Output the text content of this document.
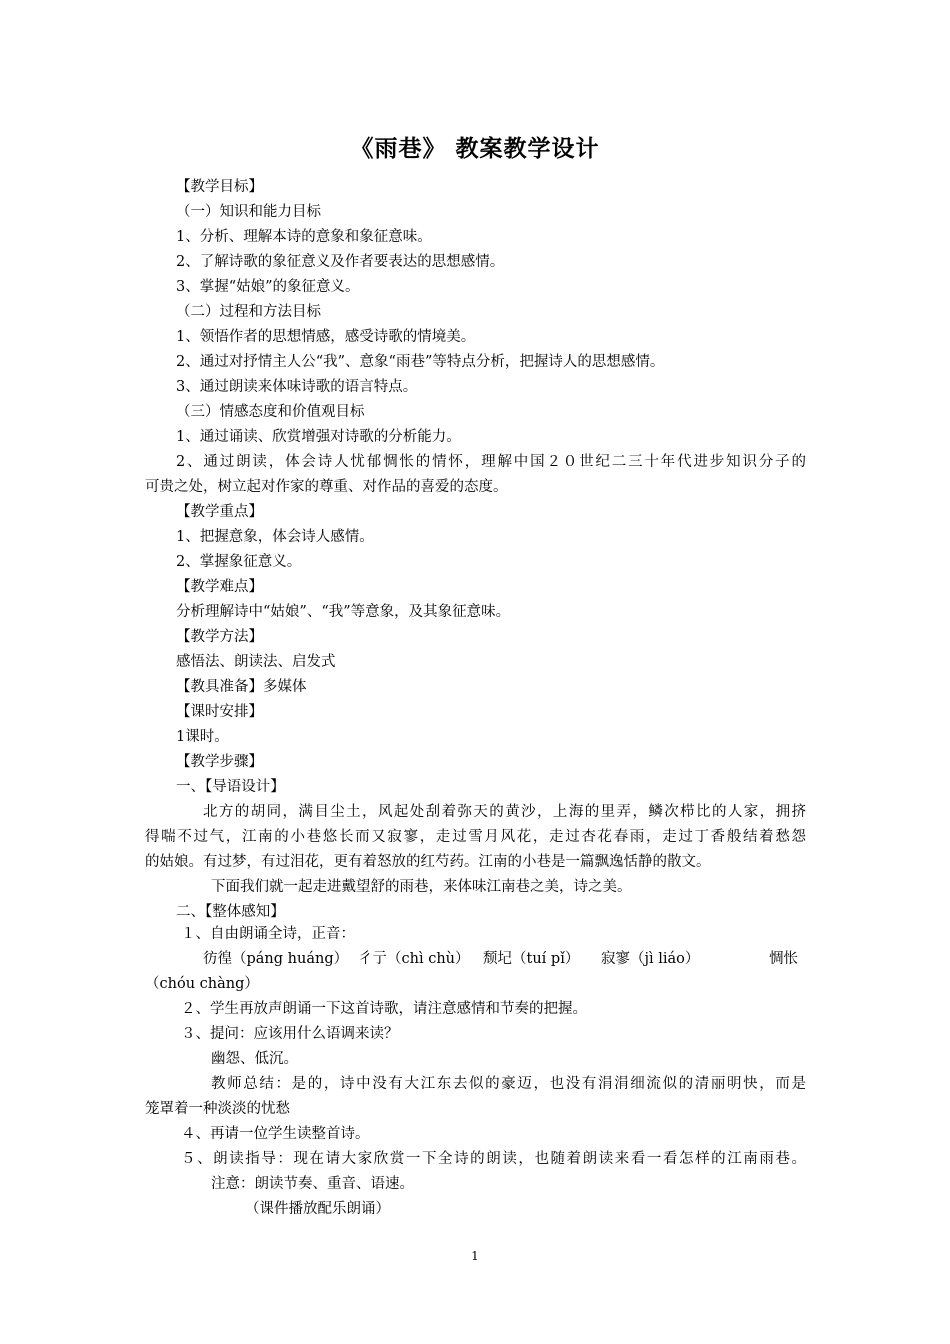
《雨巷》 教案教学设计
【教学目标】
（一）知识和能力目标
1、分析、理解本诗的意象和象征意味。
2、了解诗歌的象征意义及作者要表达的思想感情。
3、掌握“姑娘”的象征意义。
（二）过程和方法目标
1、领悟作者的思想情感，感受诗歌的情境美。
2、通过对抒情主人公“我”、意象“雨巷”等特点分析，把握诗人的思想感情。
3、通过朗读来体味诗歌的语言特点。
（三）情感态度和价值观目标
1、通过诵读、欣赏增强对诗歌的分析能力。
2、通过朗读，体会诗人忧郁惆怅的情怀，理解中国２０世纪二三十年代进步知识分子的
可贵之处，树立起对作家的尊重、对作品的喜爱的态度。
【教学重点】
1、把握意象，体会诗人感情。
2、掌握象征意义。
【教学难点】
分析理解诗中“姑娘”、“我”等意象，及其象征意味。
【教学方法】
感悟法、朗读法、启发式
【教具准备】多媒体
【课时安排】
1课时。
【教学步骤】
一、【导语设计】
北方的胡同，满目尘土，风起处刮着弥天的黄沙，上海的里弄，鳞次栉比的人家，拥挤
得喘不过气，江南的小巷悠长而又寂寥，走过雪月风花，走过杏花春雨，走过丁香般结着愁怨
的姑娘。有过梦，有过泪花，更有着怒放的红芍药。江南的小巷是一篇飘逸恬静的散文。
下面我们就一起走进戴望舒的雨巷，来体味江南巷之美，诗之美。
二、【整体感知】
１、自由朗诵全诗，正音：
彷徨（páng huáng） 彳亍（chì chù） 颓圮（tuí pǐ） 寂寥（jì liáo）	惆怅
（chóu chàng）
２、学生再放声朗诵一下这首诗歌，请注意感情和节奏的把握。
３、提问：应该用什么语调来读？
幽怨、低沉。
教师总结：是的，诗中没有大江东去似的豪迈，也没有涓涓细流似的清丽明快，而是
笼罩着一种淡淡的忧愁
４、再请一位学生读整首诗。
５、朗读指导：现在请大家欣赏一下全诗的朗读，也随着朗读来看一看怎样的江南雨巷。
注意：朗读节奏、重音、语速。
（课件播放配乐朗诵）
1
